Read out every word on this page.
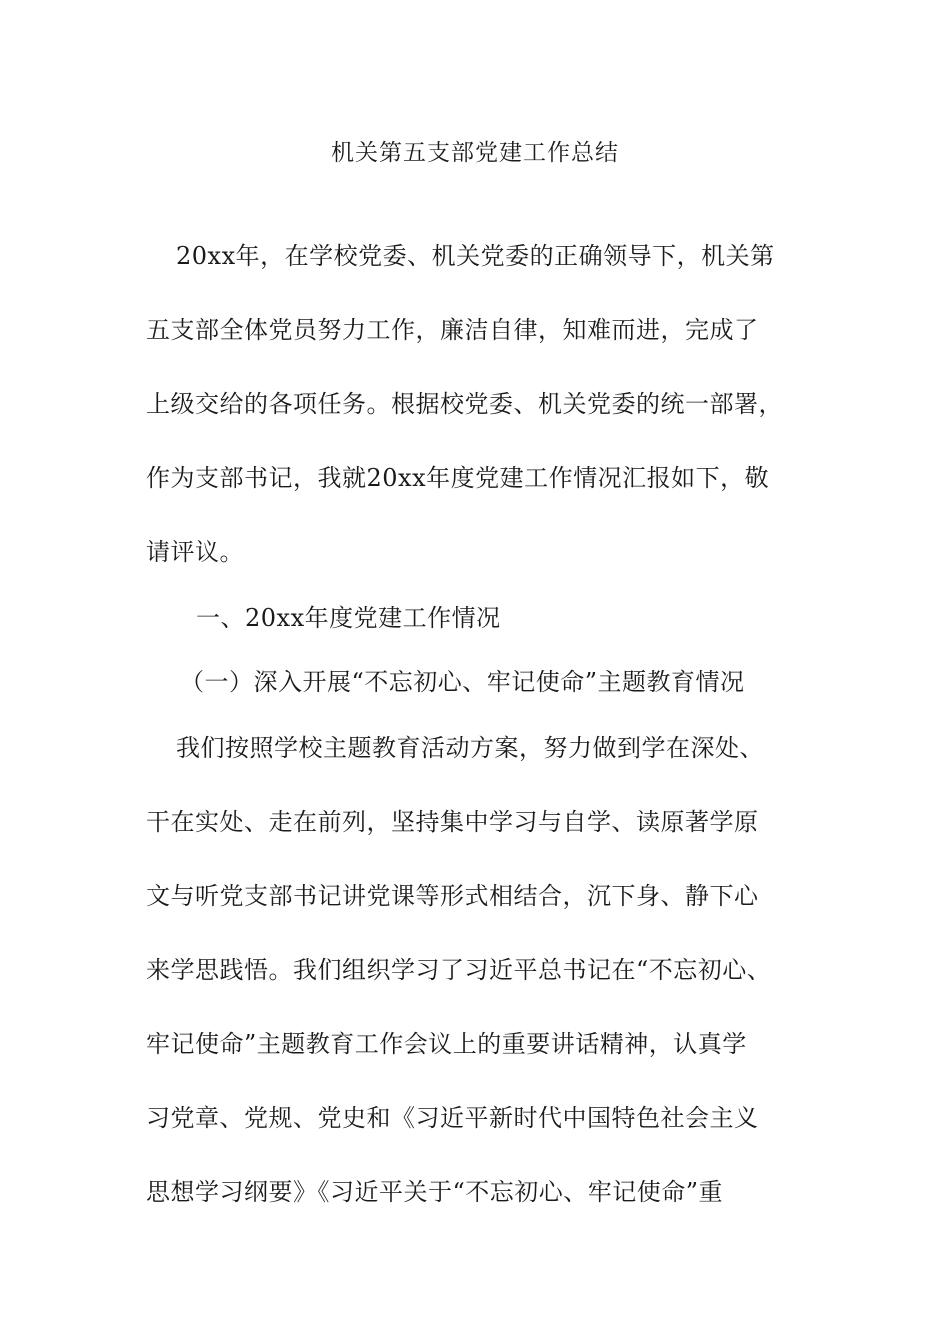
机关第五支部党建工作总结
20xx年，在学校党委、机关党委的正确领导下，机关第
五支部全体党员努力工作，廉洁自律，知难而进，完成了
上级交给的各项任务。根据校党委、机关党委的统一部署，
作为支部书记，我就20xx年度党建工作情况汇报如下，敬
请评议。
一、20xx年度党建工作情况
（一）深入开展“不忘初心、牢记使命”主题教育情况
我们按照学校主题教育活动方案，努力做到学在深处、
干在实处、走在前列，坚持集中学习与自学、读原著学原
文与听党支部书记讲党课等形式相结合，沉下身、静下心
来学思践悟。我们组织学习了习近平总书记在“不忘初心、
牢记使命”主题教育工作会议上的重要讲话精神，认真学
习党章、党规、党史和《习近平新时代中国特色社会主义
思想学习纲要》《习近平关于“不忘初心、牢记使命”重
